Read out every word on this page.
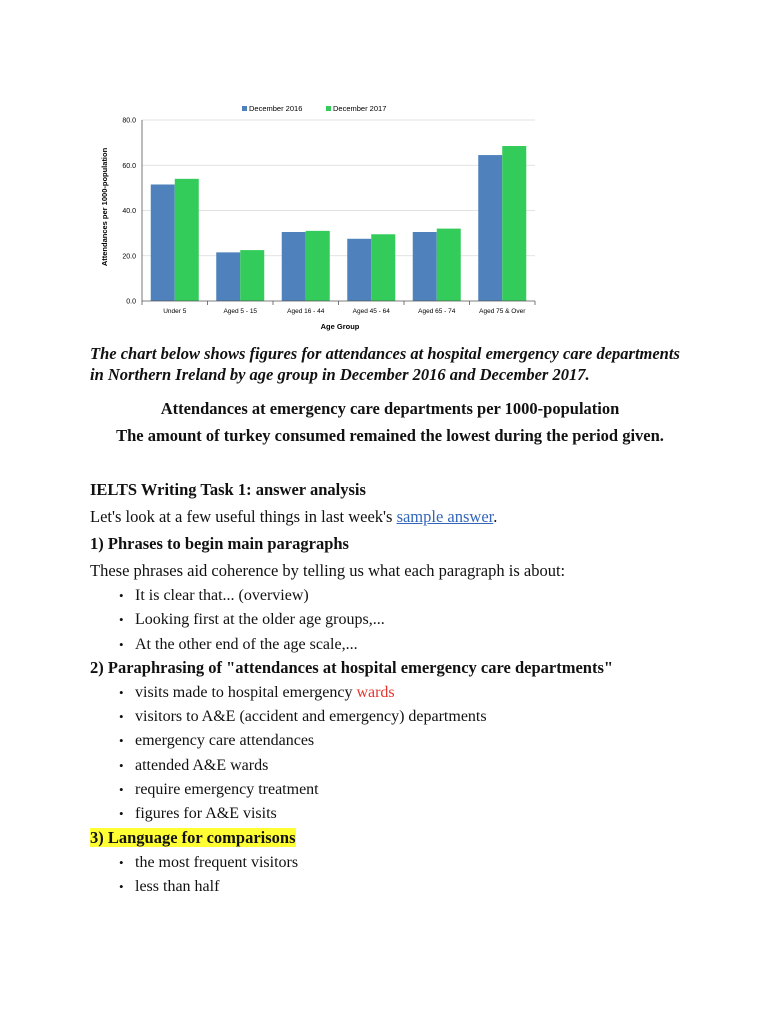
0.0
20.0
40.0
60.0
80.0
Under 5	Aged 5 - 15	Aged 16 - 44	Aged 45 - 64	Aged 65 - 74	Aged 75 & Over
December 2016	December 2017
Attendances per 1000-population
Age Group

The chart below shows figures for attendances at hospital emergency care departments in Northern Ireland by age group in December 2016 and December 2017.

Attendances at emergency care departments per 1000-population

The amount of turkey consumed remained the lowest during the period given.

IELTS Writing Task 1: answer analysis

Let's look at a few useful things in last week's sample answer.

1) Phrases to begin main paragraphs

These phrases aid coherence by telling us what each paragraph is about:

• It is clear that... (overview)
• Looking first at the older age groups,...
• At the other end of the age scale,...

2) Paraphrasing of "attendances at hospital emergency care departments"

• visits made to hospital emergency wards
• visitors to A&E (accident and emergency) departments
• emergency care attendances
• attended A&E wards
• require emergency treatment
• figures for A&E visits

3) Language for comparisons

• the most frequent visitors
• less than half
